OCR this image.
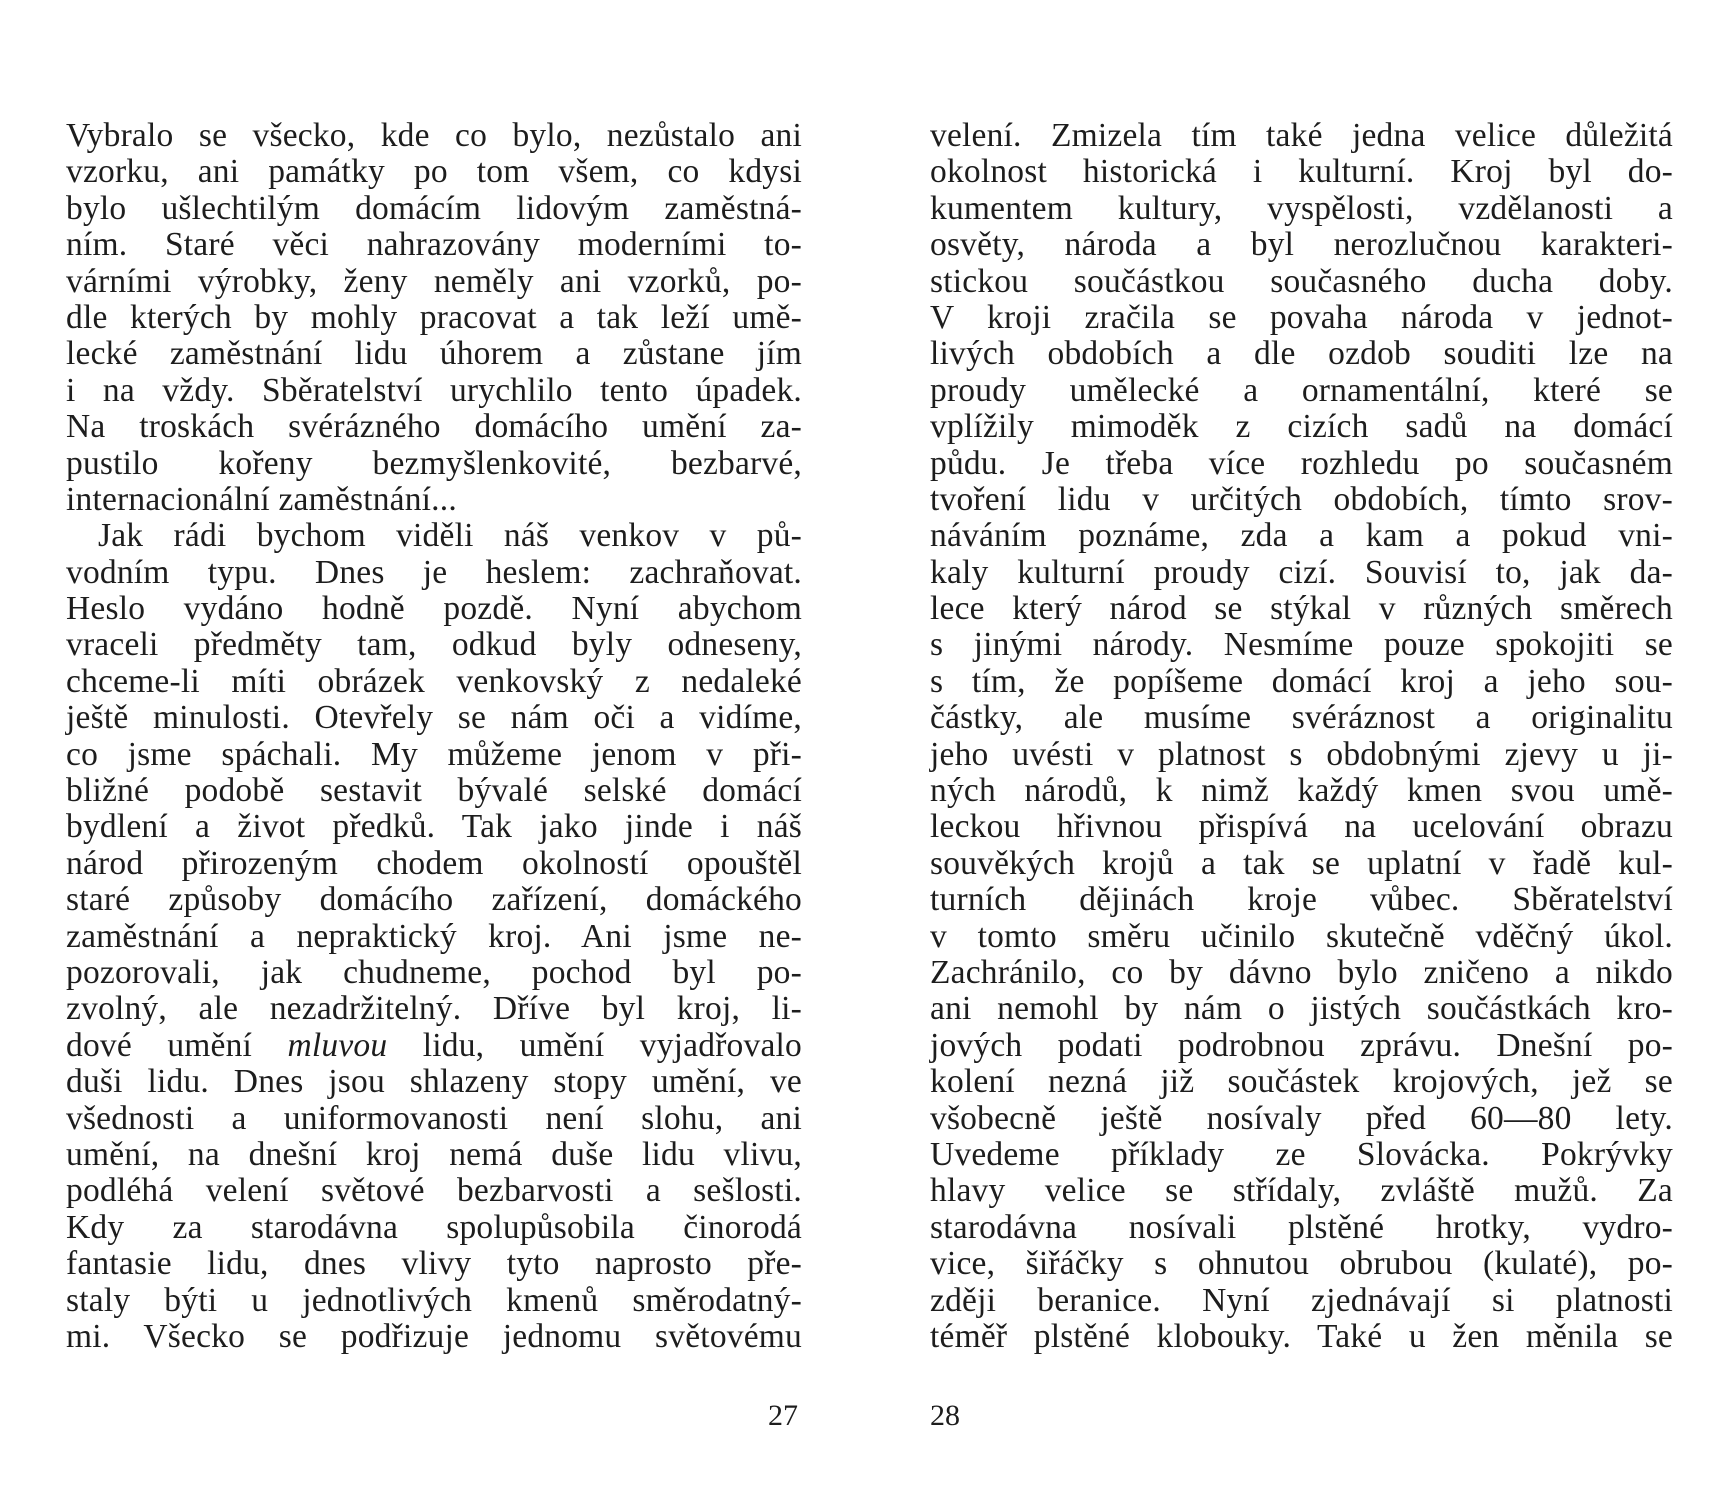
Vybralo se všecko, kde co bylo, nezůstalo ani
vzorku, ani památky po tom všem, co kdysi
bylo ušlechtilým domácím lidovým zaměstná-
ním. Staré věci nahrazovány moderními to-
várními výrobky, ženy neměly ani vzorků, po-
dle kterých by mohly pracovat a tak leží umě-
lecké zaměstnání lidu úhorem a zůstane jím
i na vždy. Sběratelství urychlilo tento úpadek.
Na troskách svérázného domácího umění za-
pustilo kořeny bezmyšlenkovité, bezbarvé,
internacionální zaměstnání...
Jak rádi bychom viděli náš venkov v pů-
vodním typu. Dnes je heslem: zachraňovat.
Heslo vydáno hodně pozdě. Nyní abychom
vraceli předměty tam, odkud byly odneseny,
chceme-li míti obrázek venkovský z nedaleké
ještě minulosti. Otevřely se nám oči a vidíme,
co jsme spáchali. My můžeme jenom v při-
bližné podobě sestavit bývalé selské domácí
bydlení a život předků. Tak jako jinde i náš
národ přirozeným chodem okolností opouštěl
staré způsoby domácího zařízení, domáckého
zaměstnání a nepraktický kroj. Ani jsme ne-
pozorovali, jak chudneme, pochod byl po-
zvolný, ale nezadržitelný. Dříve byl kroj, li-
dové umění mluvou lidu, umění vyjadřovalo
duši lidu. Dnes jsou shlazeny stopy umění, ve
všednosti a uniformovanosti není slohu, ani
umění, na dnešní kroj nemá duše lidu vlivu,
podléhá velení světové bezbarvosti a sešlosti.
Kdy za starodávna spolupůsobila činorodá
fantasie lidu, dnes vlivy tyto naprosto pře-
staly býti u jednotlivých kmenů směrodatný-
mi. Všecko se podřizuje jednomu světovému
27
velení. Zmizela tím také jedna velice důležitá
okolnost historická i kulturní. Kroj byl do-
kumentem kultury, vyspělosti, vzdělanosti a
osvěty, národa a byl nerozlučnou karakteri-
stickou součástkou současného ducha doby.
V kroji zračila se povaha národa v jednot-
livých obdobích a dle ozdob souditi lze na
proudy umělecké a ornamentální, které se
vplížily mimoděk z cizích sadů na domácí
půdu. Je třeba více rozhledu po současném
tvoření lidu v určitých obdobích, tímto srov-
náváním poznáme, zda a kam a pokud vni-
kaly kulturní proudy cizí. Souvisí to, jak da-
lece který národ se stýkal v různých směrech
s jinými národy. Nesmíme pouze spokojiti se
s tím, že popíšeme domácí kroj a jeho sou-
částky, ale musíme svéráznost a originalitu
jeho uvésti v platnost s obdobnými zjevy u ji-
ných národů, k nimž každý kmen svou umě-
leckou hřivnou přispívá na ucelování obrazu
souvěkých krojů a tak se uplatní v řadě kul-
turních dějinách kroje vůbec. Sběratelství
v tomto směru učinilo skutečně vděčný úkol.
Zachránilo, co by dávno bylo zničeno a nikdo
ani nemohl by nám o jistých součástkách kro-
jových podati podrobnou zprávu. Dnešní po-
kolení nezná již součástek krojových, jež se
všobecně ještě nosívaly před 60—80 lety.
Uvedeme příklady ze Slovácka. Pokrývky
hlavy velice se střídaly, zvláště mužů. Za
starodávna nosívali plstěné hrotky, vydro-
vice, šiřáčky s ohnutou obrubou (kulaté), po-
zději beranice. Nyní zjednávají si platnosti
téměř plstěné klobouky. Také u žen měnila se
28
